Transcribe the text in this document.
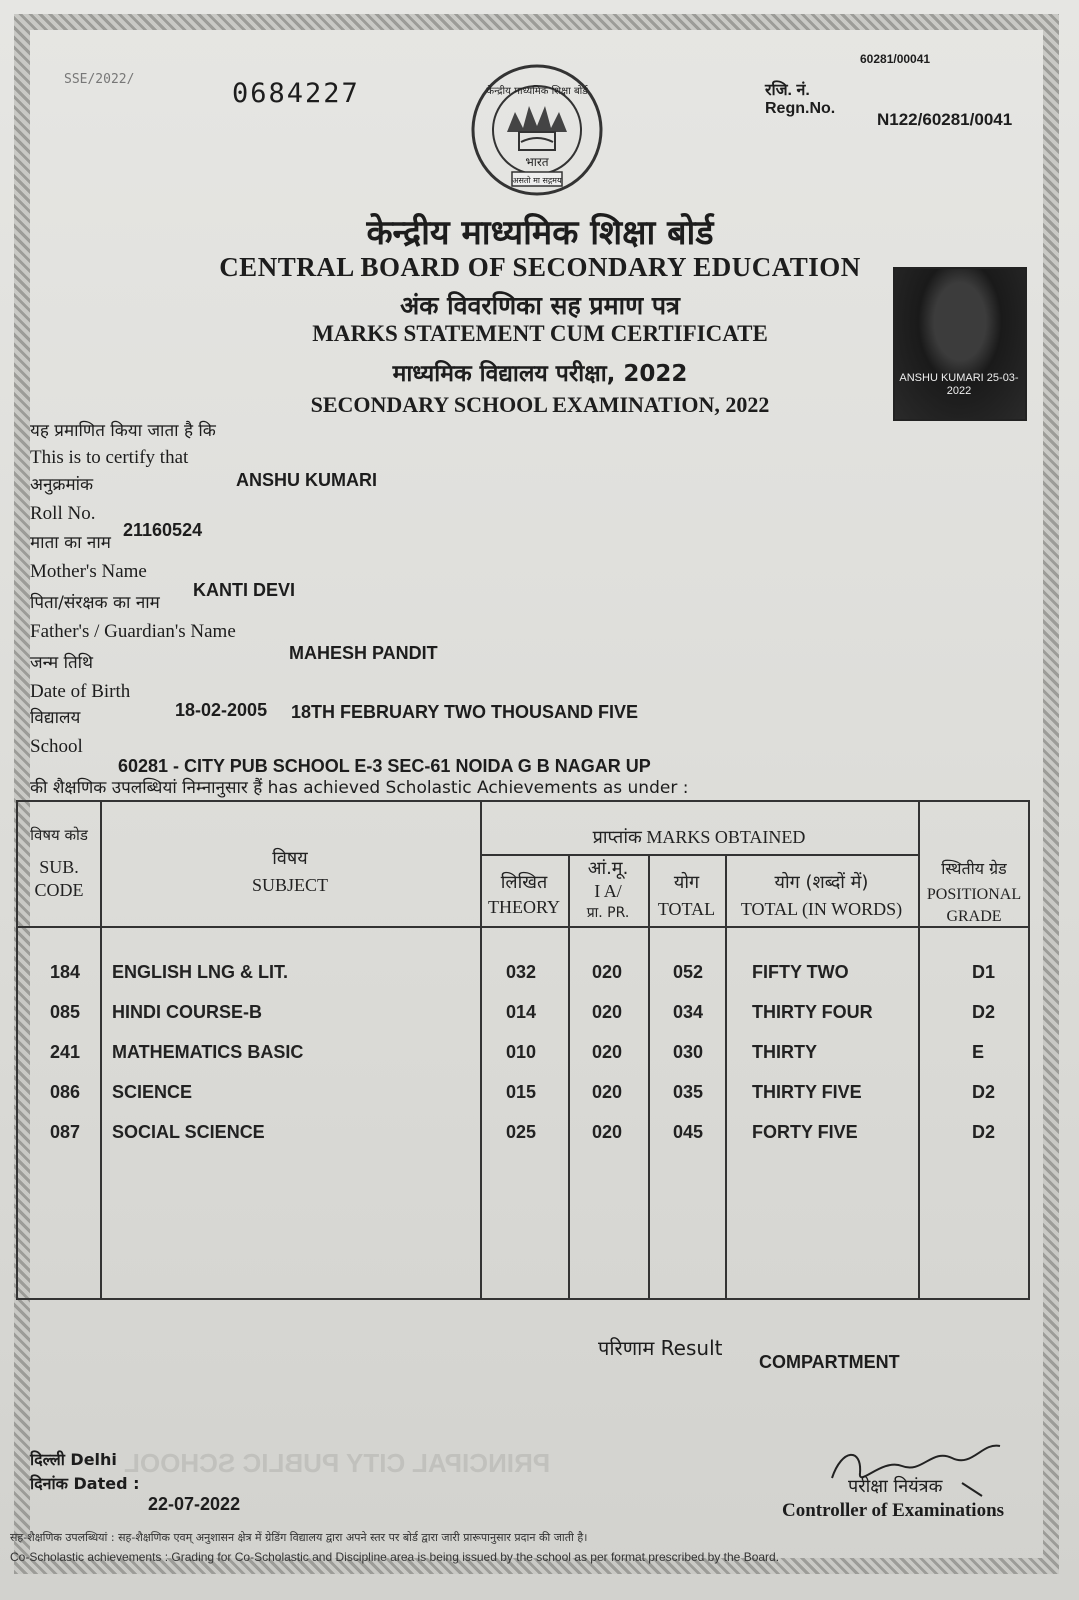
60281/00041
SSE/2022/	0684227	रजि. नं.
Regn.No.
N122/60281/0041
भारत
असतो मा सद्गमय
केन्द्रीय माध्यमिक शिक्षा बोर्ड
केन्द्रीय माध्यमिक शिक्षा बोर्ड
CENTRAL BOARD OF SECONDARY EDUCATION
अंक विवरणिका सह प्रमाण पत्र
MARKS STATEMENT CUM CERTIFICATE
माध्यमिक विद्यालय परीक्षा, 2022
SECONDARY SCHOOL EXAMINATION, 2022
ANSHU KUMARI 25-03-2022
यह प्रमाणित किया जाता है कि
This is to certify that
ANSHU KUMARI
अनुक्रमांक
Roll No.
21160524
माता का नाम
Mother's Name
KANTI DEVI
पिता/संरक्षक का नाम
Father's / Guardian's Name
MAHESH PANDIT
जन्म तिथि
Date of Birth
18-02-2005 18TH FEBRUARY TWO THOUSAND FIVE
विद्यालय
School
60281 - CITY PUB SCHOOL E-3 SEC-61 NOIDA G B NAGAR UP
की शैक्षणिक उपलब्धियां निम्नानुसार हैं has achieved Scholastic Achievements as under :
विषय कोड
SUB.
CODE
विषय
SUBJECT
प्राप्तांक MARKS OBTAINED
लिखित
THEORY
आं.मू.
I A/
प्रा. PR.
योग
TOTAL
योग (शब्दों में)
TOTAL (IN WORDS)
स्थितीय ग्रेड
POSITIONAL
GRADE
184 ENGLISH LNG & LIT.	032	020	052	FIFTY TWO	D1
085 HINDI COURSE-B	014	020	034	THIRTY FOUR	D2
241 MATHEMATICS BASIC	010	020	030	THIRTY	E
086 SCIENCE	015	020	035	THIRTY FIVE	D2
087 SOCIAL SCIENCE	025	020	045	FORTY FIVE	D2
परिणाम Result
COMPARTMENT
दिल्ली Delhi
दिनांक Dated :
22-07-2022
PRINCIPAL CITY PUBLIC SCHOOL
परीक्षा नियंत्रक
Controller of Examinations
सह-शैक्षणिक उपलब्धियां : सह-शैक्षणिक एवम् अनुशासन क्षेत्र में ग्रेडिंग विद्यालय द्वारा अपने स्तर पर बोर्ड द्वारा जारी प्रारूपानुसार प्रदान की जाती है।
Co-Scholastic achievements : Grading for Co-Scholastic and Discipline area is being issued by the school as per format prescribed by the Board.
